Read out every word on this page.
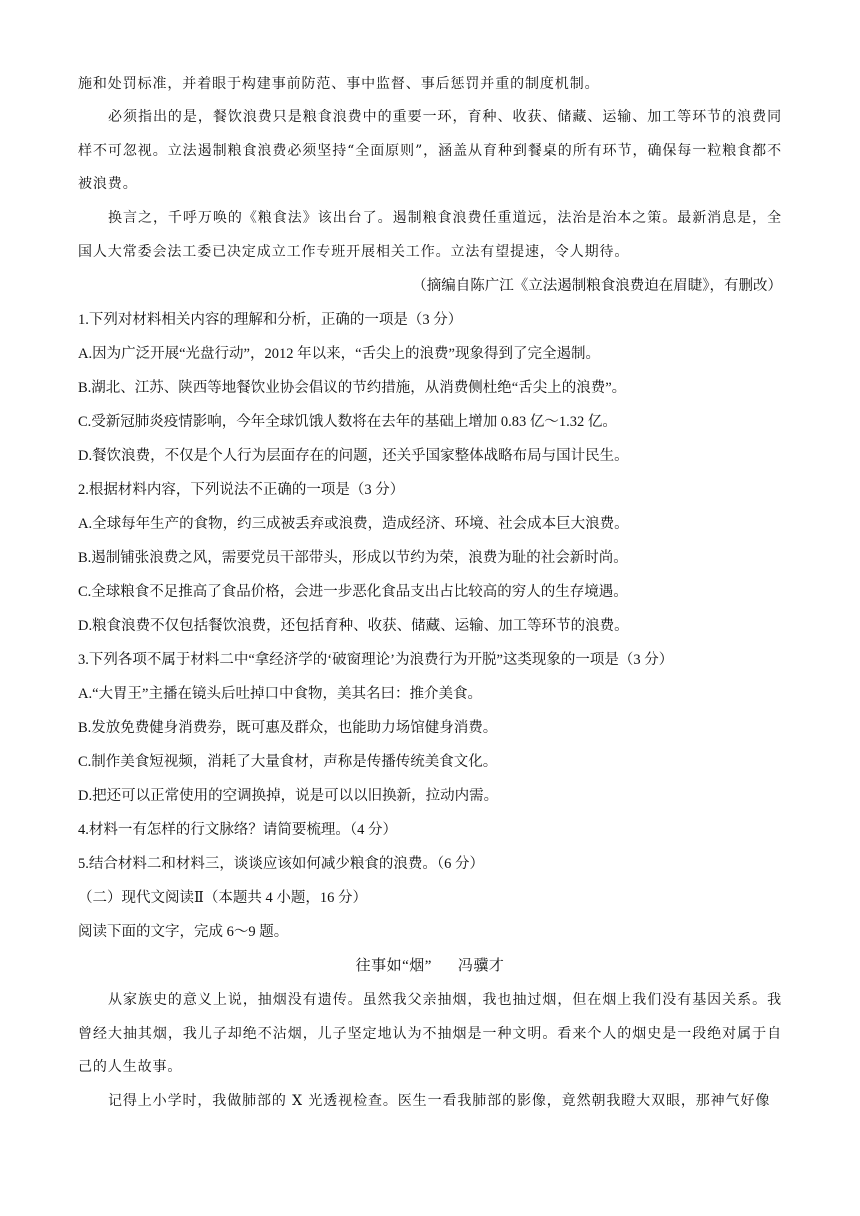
施和处罚标准，并着眼于构建事前防范、事中监督、事后惩罚并重的制度机制。

必须指出的是，餐饮浪费只是粮食浪费中的重要一环，育种、收获、储藏、运输、加工等环节的浪费同样不可忽视。立法遏制粮食浪费必须坚持“全面原则”，涵盖从育种到餐桌的所有环节，确保每一粒粮食都不被浪费。

换言之，千呼万唤的《粮食法》该出台了。遏制粮食浪费任重道远，法治是治本之策。最新消息是，全国人大常委会法工委已决定成立工作专班开展相关工作。立法有望提速，令人期待。

（摘编自陈广江《立法遏制粮食浪费迫在眉睫》，有删改）

1.下列对材料相关内容的理解和分析，正确的一项是（3 分）

A.因为广泛开展“光盘行动”，2012 年以来，“舌尖上的浪费”现象得到了完全遏制。

B.湖北、江苏、陕西等地餐饮业协会倡议的节约措施，从消费侧杜绝“舌尖上的浪费”。

C.受新冠肺炎疫情影响，今年全球饥饿人数将在去年的基础上增加 0.83 亿～1.32 亿。

D.餐饮浪费，不仅是个人行为层面存在的问题，还关乎国家整体战略布局与国计民生。

2.根据材料内容，下列说法不正确的一项是（3 分）

A.全球每年生产的食物，约三成被丢弃或浪费，造成经济、环境、社会成本巨大浪费。

B.遏制铺张浪费之风，需要党员干部带头，形成以节约为荣，浪费为耻的社会新时尚。

C.全球粮食不足推高了食品价格，会进一步恶化食品支出占比较高的穷人的生存境遇。

D.粮食浪费不仅包括餐饮浪费，还包括育种、收获、储藏、运输、加工等环节的浪费。

3.下列各项不属于材料二中“拿经济学的‘破窗理论’为浪费行为开脱”这类现象的一项是（3 分）

A.“大胃王”主播在镜头后吐掉口中食物，美其名曰：推介美食。

B.发放免费健身消费券，既可惠及群众，也能助力场馆健身消费。

C.制作美食短视频，消耗了大量食材，声称是传播传统美食文化。

D.把还可以正常使用的空调换掉，说是可以以旧换新，拉动内需。

4.材料一有怎样的行文脉络？请简要梳理。（4 分）

5.结合材料二和材料三，谈谈应该如何减少粮食的浪费。（6 分）

（二）现代文阅读Ⅱ（本题共 4 小题，16 分）

阅读下面的文字，完成 6～9 题。

往事如“烟” 冯骥才

从家族史的意义上说，抽烟没有遗传。虽然我父亲抽烟，我也抽过烟，但在烟上我们没有基因关系。我曾经大抽其烟，我儿子却绝不沾烟，儿子坚定地认为不抽烟是一种文明。看来个人的烟史是一段绝对属于自己的人生故事。

记得上小学时，我做肺部的 X 光透视检查。医生一看我肺部的影像，竟然朝我瞪大双眼，那神气好像
